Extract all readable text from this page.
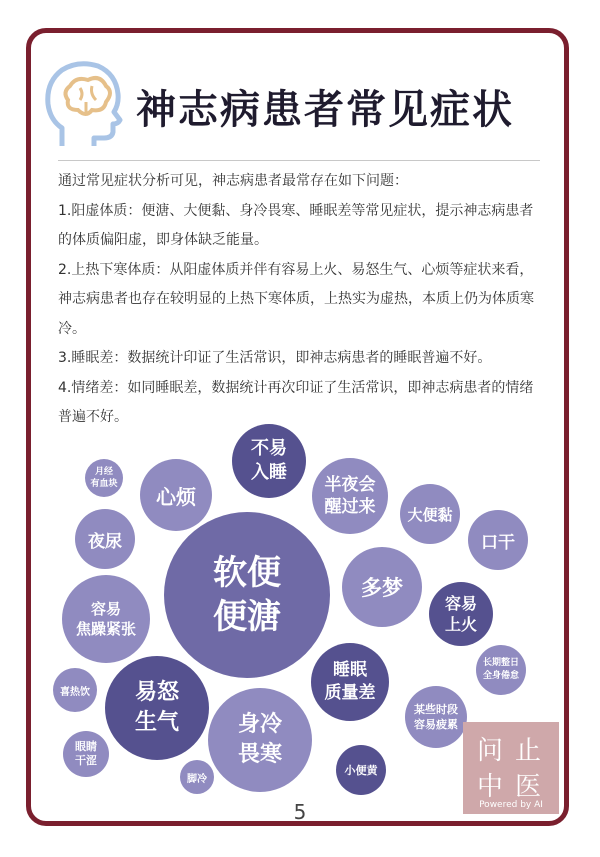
神志病患者常见症状

通过常见症状分析可见，神志病患者最常存在如下问题：

1.阳虚体质：便溏、大便黏、身冷畏寒、睡眠差等常见症状，提示神志病患者的体质偏阳虚，即身体缺乏能量。

2.上热下寒体质：从阳虚体质并伴有容易上火、易怒生气、心烦等症状来看，神志病患者也存在较明显的上热下寒体质，上热实为虚热，本质上仍为体质寒冷。

3.睡眠差：数据统计印证了生活常识，即神志病患者的睡眠普遍不好。

4.情绪差：如同睡眠差，数据统计再次印证了生活常识，即神志病患者的情绪普遍不好。

月经
有血块
不易
入睡
心烦	半夜会
醒过来	大便黏
夜尿	口干
软便
便溏
多梦
容易
焦躁紧张
容易
上火
睡眠
质量差
长期整日
全身倦怠
喜热饮	易怒
生气	身冷
畏寒
某些时段
容易疲累
眼睛
干涩
脚冷
小便黄
5
问 止
中 医
Powered by AI
